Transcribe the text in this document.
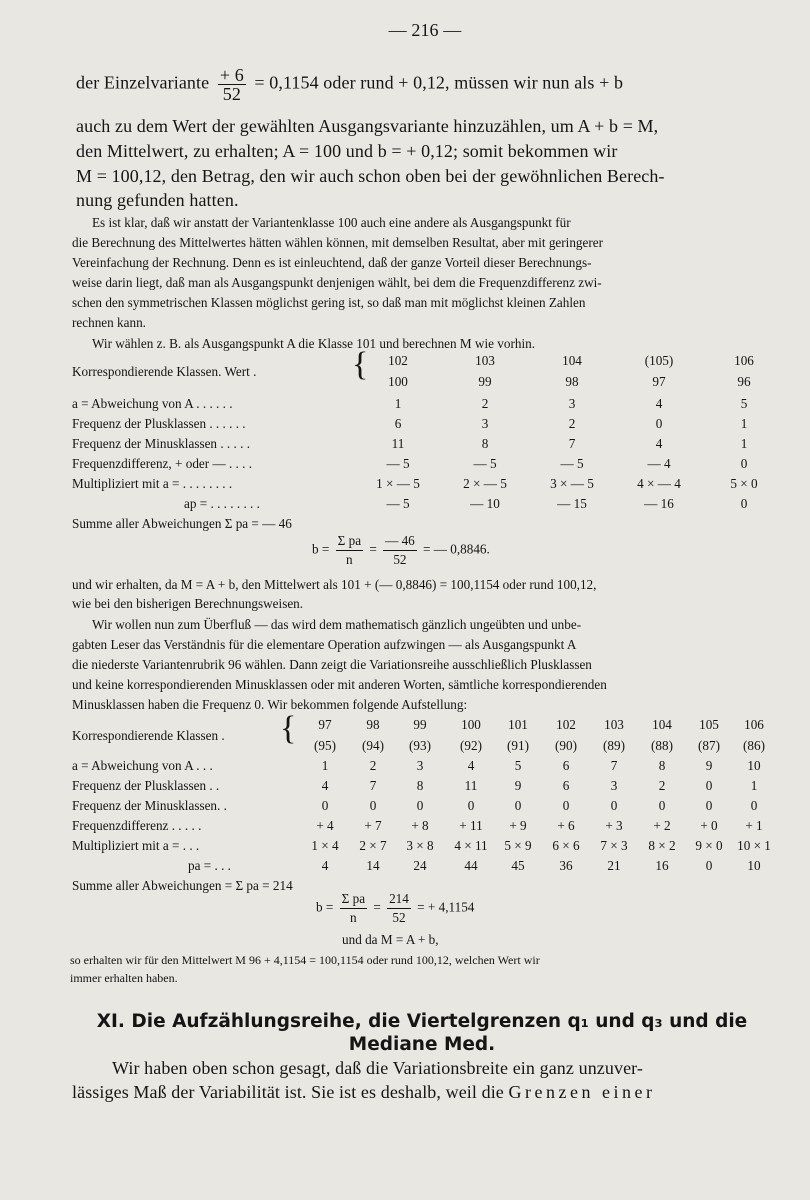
— 216 —
der Einzelvariante $\frac{+ 6}{52} = 0,1154$ oder rund + 0,12, müssen wir nun als + b
auch zu dem Wert der gewählten Ausgangsvariante hinzuzählen, um A + b = M,
den Mittelwert, zu erhalten; A = 100 und b = + 0,12; somit bekommen wir
M = 100,12, den Betrag, den wir auch schon oben bei der gewöhnlichen Berech-
nung gefunden hatten.
Es ist klar, daß wir anstatt der Variantenklasse 100 auch eine andere als Ausgangspunkt für
die Berechnung des Mittelwertes hätten wählen können, mit demselben Resultat, aber mit geringerer
Vereinfachung der Rechnung. Denn es ist einleuchtend, daß der ganze Vorteil dieser Berechnungs-
weise darin liegt, daß man als Ausgangspunkt denjenigen wählt, bei dem die Frequenzdifferenz zwi-
schen den symmetrischen Klassen möglichst gering ist, so daß man mit möglichst kleinen Zahlen
rechnen kann.
Wir wählen z. B. als Ausgangspunkt A die Klasse 101 und berechnen M wie vorhin.
Korrespondierende Klassen. Wert .	{	102	103	104	(105)	106
100	99	98	97	96
a = Abweichung von A . . . . . .	1	2	3	4	5
Frequenz der Plusklassen . . . . . .	6	3	2	0	1
Frequenz der Minusklassen . . . . .	11	8	7	4	1
Frequenzdifferenz, + oder — . . . .	— 5	— 5	— 5	— 4	0
Multipliziert mit a = . . . . . . . .	1 × — 5	2 × — 5	3 × — 5	4 × — 4	5 × 0
ap = . . . . . . . .	— 5	— 10	— 15	— 16	0
Summe aller Abweichungen Σ pa = — 46
$b = \frac{\text{Σ pa}}{n} = \frac{— 46}{52}$ = — 0,8846.
und wir erhalten, da M = A + b, den Mittelwert als 101 + (— 0,8846) = 100,1154 oder rund 100,12,
wie bei den bisherigen Berechnungsweisen.
Wir wollen nun zum Überfluß — das wird dem mathematisch gänzlich ungeübten und unbe-
gabten Leser das Verständnis für die elementare Operation aufzwingen — als Ausgangspunkt A
die niederste Variantenrubrik 96 wählen. Dann zeigt die Variationsreihe ausschließlich Plusklassen
und keine korrespondierenden Minusklassen oder mit anderen Worten, sämtliche korrespondierenden
Minusklassen haben die Frequenz 0. Wir bekommen folgende Aufstellung:
Korrespondierende Klassen . {	97	98	99	100	101	102	103	104	105	106
(95)	(94)	(93)	(92)	(91)	(90)	(89)	(88)	(87)	(86)
a = Abweichung von A . . .	1	2	3	4	5	6	7	8	9	10
Frequenz der Plusklassen . .	4	7	8	11	9	6	3	2	0	1
Frequenz der Minusklassen. .	0	0	0	0	0	0	0	0	0	0
Frequenzdifferenz . . . . .	+ 4	+ 7	+ 8	+ 11	+ 9	+ 6	+ 3	+ 2	+ 0	+ 1
Multipliziert mit a = . . .	1 × 4	2 × 7	3 × 8	4 × 11	5 × 9	6 × 6	7 × 3	8 × 2	9 × 0	10 × 1
pa = . . .	4	14	24	44	45	36	21	16	0	10
Summe aller Abweichungen = Σ pa = 214
$b = \frac{\text{Σ pa}}{n} = \frac{214}{52}$ = + 4,1154
und da M = A + b,
so erhalten wir für den Mittelwert M 96 + 4,1154 = 100,1154 oder rund 100,12, welchen Wert wir
immer erhalten haben.
XI. Die Aufzählungsreihe, die Viertelgrenzen q₁ und q₃ und die
Mediane Med.
Wir haben oben schon gesagt, daß die Variationsbreite ein ganz unzuver-
lässiges Maß der Variabilität ist. Sie ist es deshalb, weil die Grenzen einer
